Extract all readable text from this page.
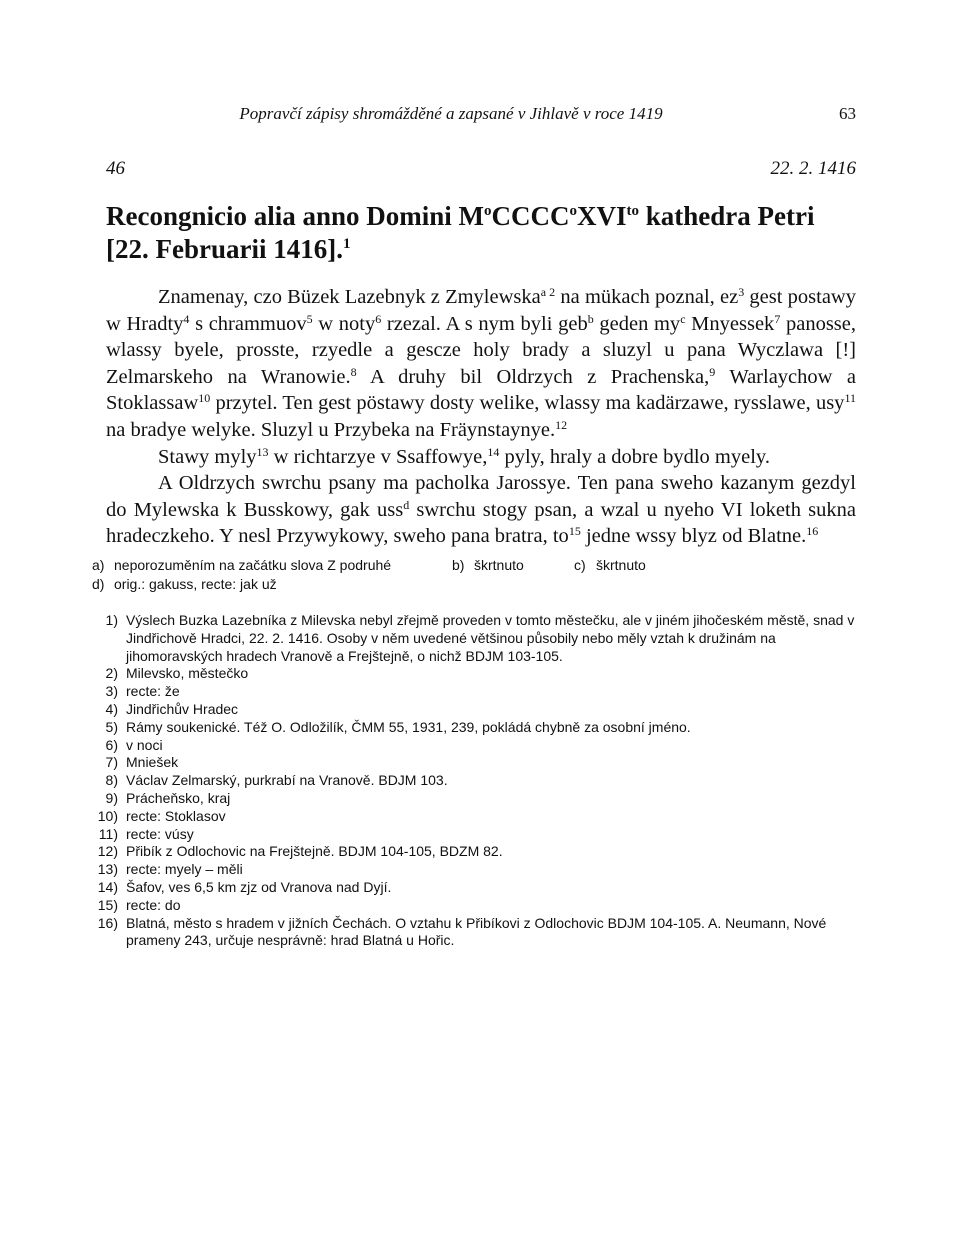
Popravčí zápisy shromážděné a zapsané v Jihlavě v roce 1419	63
46	22. 2. 1416
Recongnicio alia anno Domini $M^oCCCC^oXVI^{to}$ kathedra Petri [22. Februarii 1416].$^1$

Znamenay, czo Büzek Lazebnyk z Zmylewska$^{a 2}$ na mükach poznal, $ez^3$ gest postawy w Hradty$^4$ s chrammuov$^5$ w noty$^6$ rzezal. A s nym byli geb$^b$ geden $my^c$ Mnyessek$^7$ panosse, wlassy byele, prosste, rzyedle a gescze holy brady a sluzyl u pana Wyczlawa [!] Zelmarskeho na Wranowie.$^8$ A druhy bil Oldrzych z Prachenska,$^9$ Warlaychow a Stoklassaw$^{10}$ przytel. Ten gest pöstawy dosty welike, wlassy ma kadärzawe, rysslawe, usy$^{11}$ na bradye welyke. Sluzyl u Przybeka na Fräynstaynye.$^{12}$

Stawy myly$^{13}$ w richtarzye v Ssaffowye,$^{14}$ pyly, hraly a dobre bydlo myely.

A Oldrzych swrchu psany ma pacholka Jarossye. Ten pana sweho kazanym gezdyl do Mylewska k Busskowy, gak uss$^d$ swrchu stogy psan, a wzal u nyeho VI loketh sukna hradeczkeho. Y nesl Przywykowy, sweho pana bratra, $to^{15}$ jedne wssy blyz od Blatne.$^{16}$

a) neporozuměním na začátku slova Z podruhé	b) škrtnuto	c) škrtnuto
d) orig.: gakuss, recte: jak už
1) Výslech Buzka Lazebníka z Milevska nebyl zřejmě proveden v tomto městečku, ale v jiném jihočeském městě, snad v Jindřichově Hradci, 22. 2. 1416. Osoby v něm uvedené většinou působily nebo měly vztah k družinám na jihomoravských hradech Vranově a Frejštejně, o nichž BDJM 103-105.
2) Milevsko, městečko
3) recte: že
4) Jindřichův Hradec
5) Rámy soukenické. Též O. Odložilík, ČMM 55, 1931, 239, pokládá chybně za osobní jméno.
6) v noci
7) Mniešek
8) Václav Zelmarský, purkrabí na Vranově. BDJM 103.
9) Prácheňsko, kraj
10) recte: Stoklasov
11) recte: vúsy
12) Přibík z Odlochovic na Frejštejně. BDJM 104-105, BDZM 82.
13) recte: myely – měli
14) Šafov, ves 6,5 km zjz od Vranova nad Dyjí.
15) recte: do
16) Blatná, město s hradem v jižních Čechách. O vztahu k Přibíkovi z Odlochovic BDJM 104-105. A. Neumann, Nové prameny 243, určuje nesprávně: hrad Blatná u Hořic.
